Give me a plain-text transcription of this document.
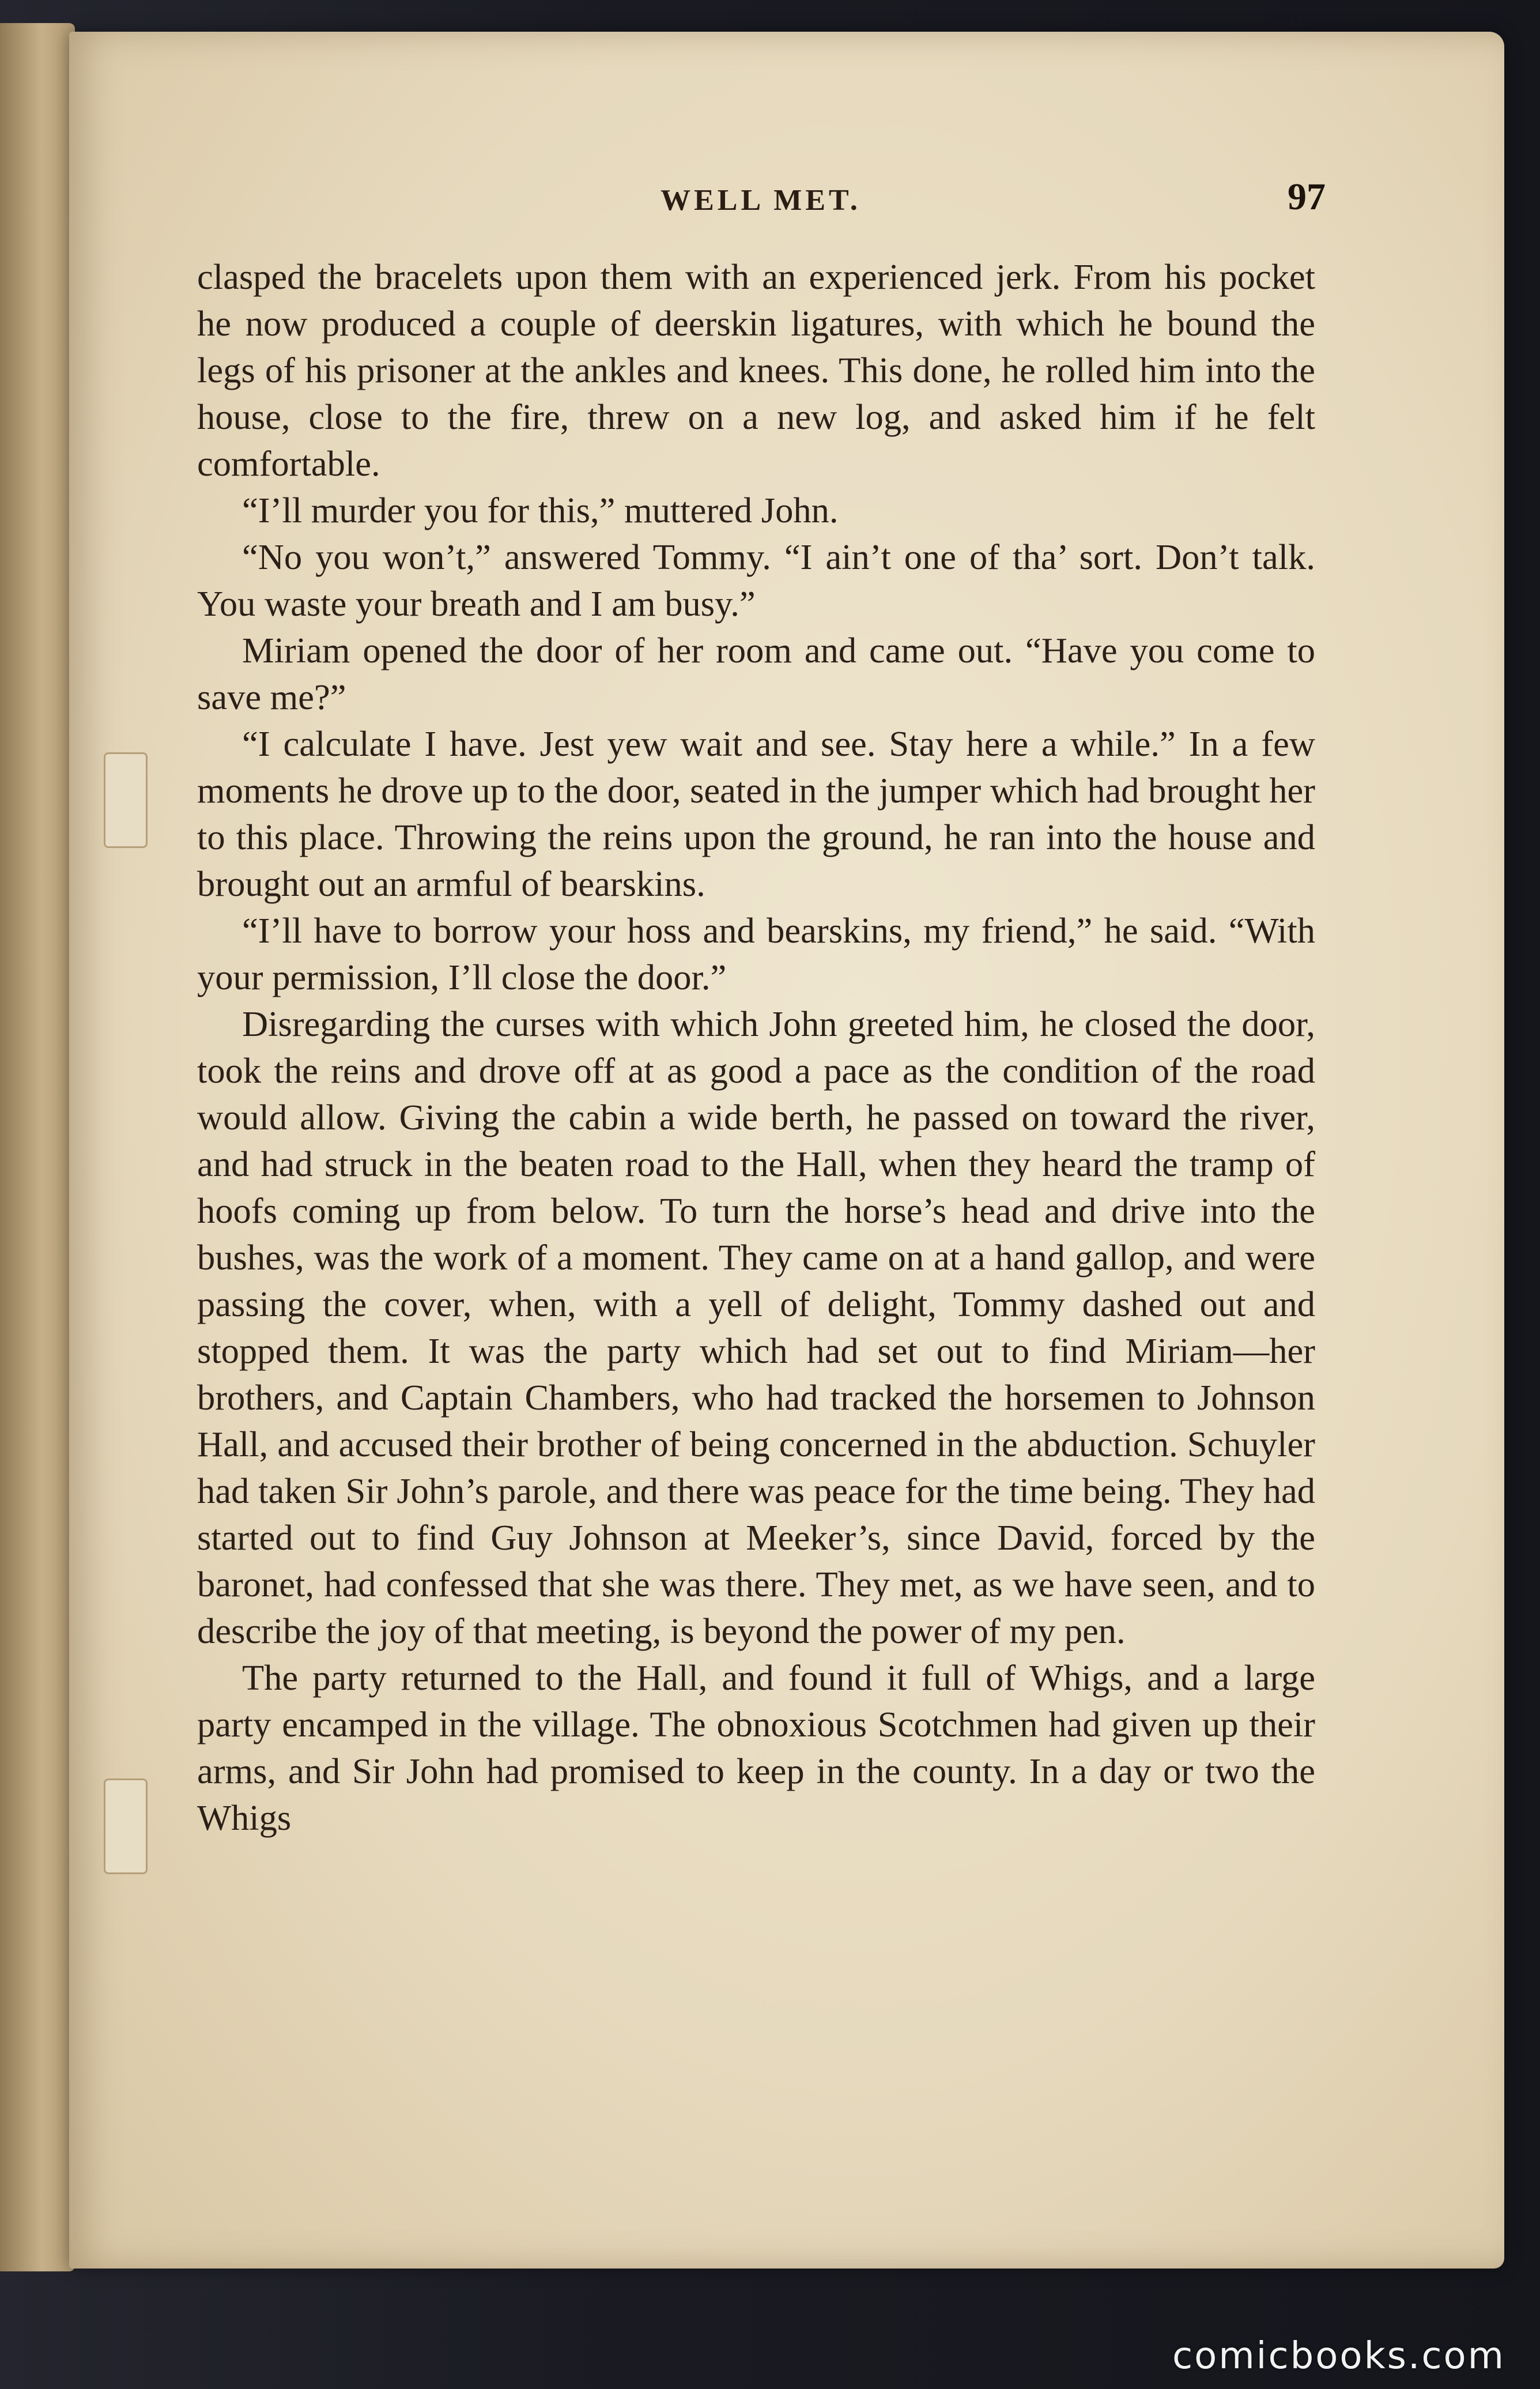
WELL MET.	97

clasped the bracelets upon them with an experienced jerk. From his pocket he now produced a couple of deerskin ligatures, with which he bound the legs of his prisoner at the ankles and knees. This done, he rolled him into the house, close to the fire, threw on a new log, and asked him if he felt comfortable.

“I’ll murder you for this,” muttered John.

“No you won’t,” answered Tommy. “I ain’t one of tha’ sort. Don’t talk. You waste your breath and I am busy.”

Miriam opened the door of her room and came out. “Have you come to save me?”

“I calculate I have. Jest yew wait and see. Stay here a while.” In a few moments he drove up to the door, seated in the jumper which had brought her to this place. Throwing the reins upon the ground, he ran into the house and brought out an armful of bearskins.

“I’ll have to borrow your hoss and bearskins, my friend,” he said. “With your permission, I’ll close the door.”

Disregarding the curses with which John greeted him, he closed the door, took the reins and drove off at as good a pace as the condition of the road would allow. Giving the cabin a wide berth, he passed on toward the river, and had struck in the beaten road to the Hall, when they heard the tramp of hoofs coming up from below. To turn the horse’s head and drive into the bushes, was the work of a moment. They came on at a hand gallop, and were passing the cover, when, with a yell of delight, Tommy dashed out and stopped them. It was the party which had set out to find Miriam—her brothers, and Captain Chambers, who had tracked the horsemen to Johnson Hall, and accused their brother of being concerned in the abduction. Schuyler had taken Sir John’s parole, and there was peace for the time being. They had started out to find Guy Johnson at Meeker’s, since David, forced by the baronet, had confessed that she was there. They met, as we have seen, and to describe the joy of that meeting, is beyond the power of my pen.

The party returned to the Hall, and found it full of Whigs, and a large party encamped in the village. The obnoxious Scotchmen had given up their arms, and Sir John had promised to keep in the county. In a day or two the Whigs

comicbooks.com
